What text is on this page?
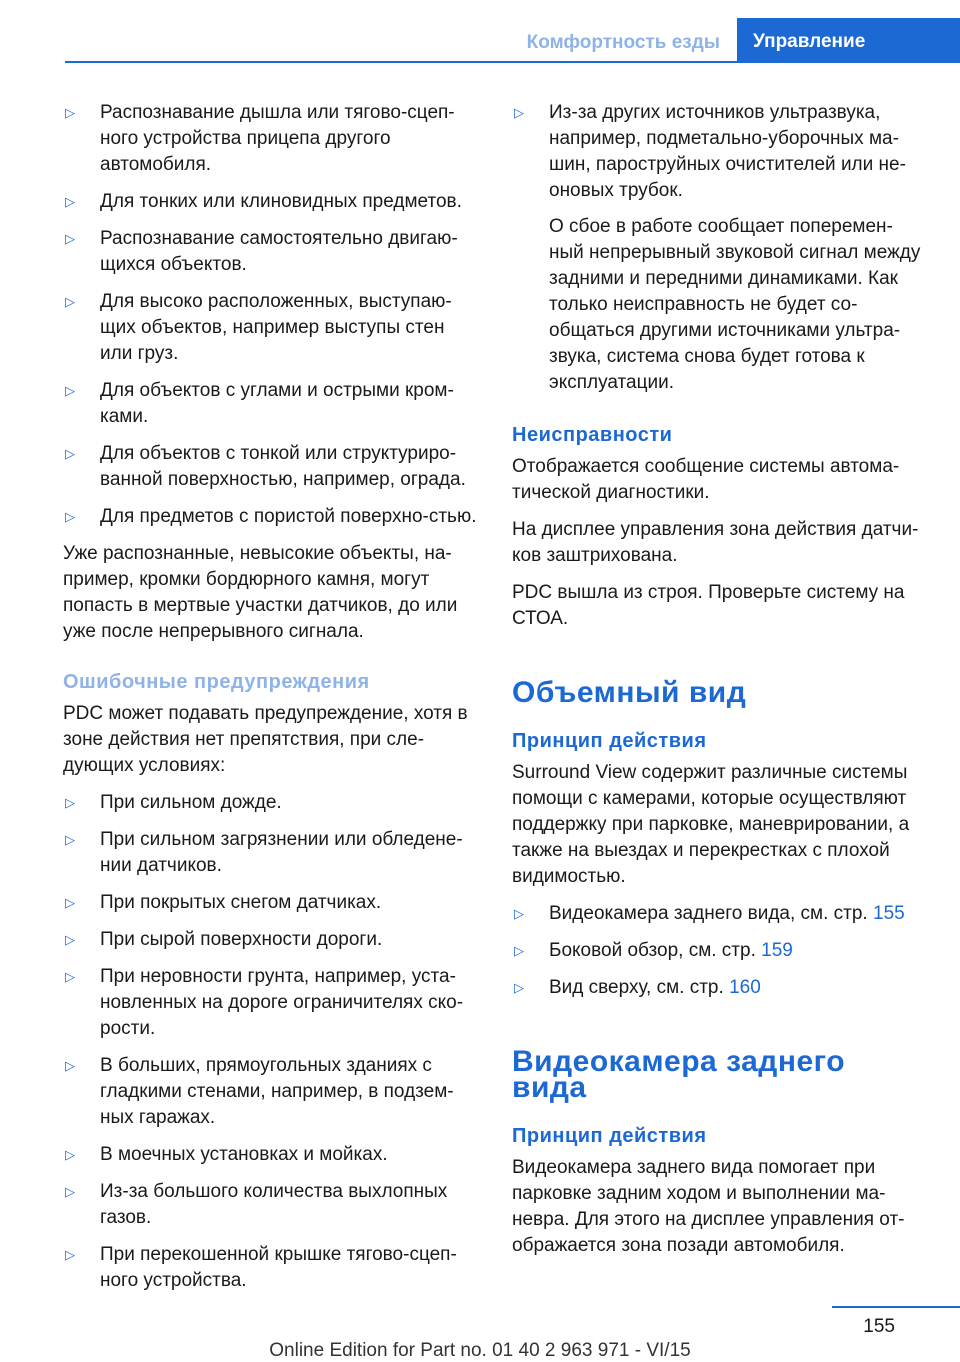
Комфортность езды	Управление
▷ Распознавание дышла или тягово-сцеп-ного устройства прицепа другого автомобиля.
▷ Для тонких или клиновидных предметов.
▷ Распознавание самостоятельно двигаю-щихся объектов.
▷ Для высоко расположенных, выступаю-щих объектов, например выступы стен или груз.
▷ Для объектов с углами и острыми кром-ками.
▷ Для объектов с тонкой или структуриро-ванной поверхностью, например, ограда.
▷ Для предметов с пористой поверхно-стью.

Уже распознанные, невысокие объекты, на-пример, кромки бордюрного камня, могут попасть в мертвые участки датчиков, до или уже после непрерывного сигнала.

Ошибочные предупреждения

PDC может подавать предупреждение, хотя в зоне действия нет препятствия, при сле-дующих условиях:

▷ При сильном дожде.
▷ При сильном загрязнении или обледене-нии датчиков.
▷ При покрытых снегом датчиках.
▷ При сырой поверхности дороги.
▷ При неровности грунта, например, уста-новленных на дороге ограничителях ско-рости.
▷ В больших, прямоугольных зданиях с гладкими стенами, например, в подзем-ных гаражах.
▷ В моечных установках и мойках.
▷ Из-за большого количества выхлопных газов.
▷ При перекошенной крышке тягово-сцеп-ного устройства.
▷ Из-за других источников ультразвука, например, подметально-уборочных ма-шин, пароструйных очистителей или не-оновых трубок.
О сбое в работе сообщает поперемен-ный непрерывный звуковой сигнал между задними и передними динамиками. Как только неисправность не будет со-общаться другими источниками ультра-звука, система снова будет готова к эксплуатации.
Неисправности

Отображается сообщение системы автома-тической диагностики.

На дисплее управления зона действия датчи-ков заштрихована.

PDC вышла из строя. Проверьте систему на СТОА.

Объемный вид
Принцип действия

Surround View содержит различные системы помощи с камерами, которые осуществляют поддержку при парковке, маневрировании, а также на выездах и перекрестках с плохой видимостью.

▷ Видеокамера заднего вида, см. стр. 155
▷ Боковой обзор, см. стр. 159
▷ Вид сверху, см. стр. 160
Видеокамера заднего вида
Принцип действия

Видеокамера заднего вида помогает при парковке задним ходом и выполнении ма-невра. Для этого на дисплее управления от-ображается зона позади автомобиля.

155
Online Edition for Part no. 01 40 2 963 971 - VI/15
